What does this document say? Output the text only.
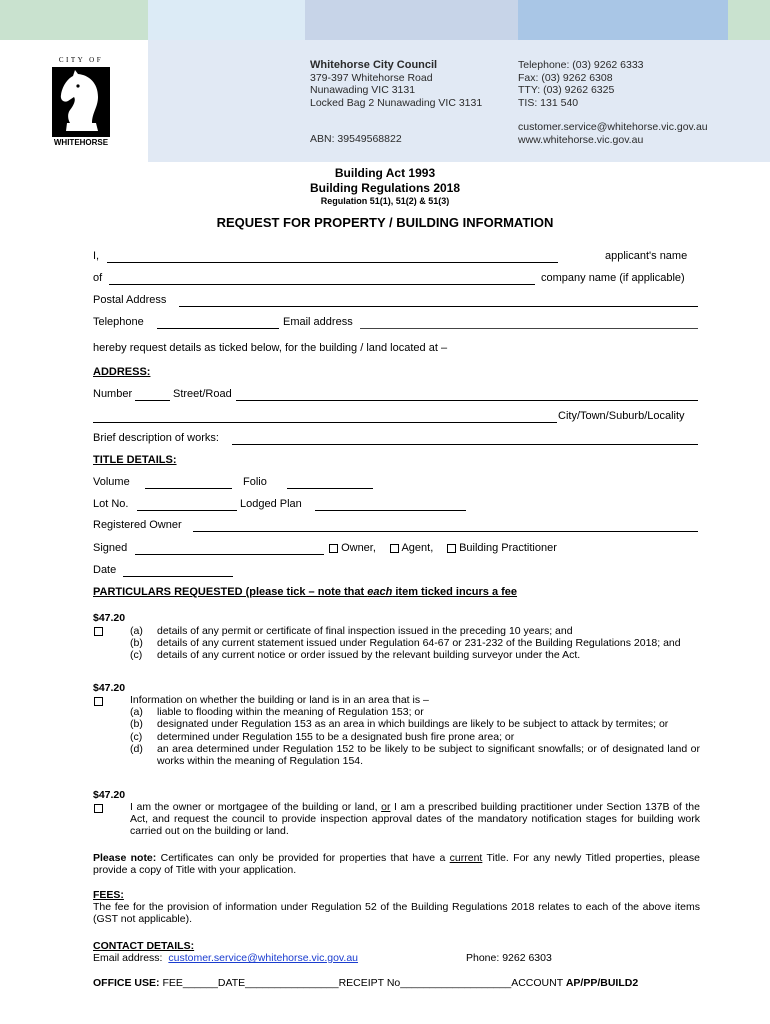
CITY OF
WHITEHORSE
Whitehorse City Council
379-397 Whitehorse Road
Nunawading VIC 3131
Locked Bag 2 Nunawading VIC 3131
ABN: 39549568822
Telephone: (03) 9262 6333
Fax: (03) 9262 6308
TTY: (03) 9262 6325
TIS: 131 540
customer.service@whitehorse.vic.gov.au
www.whitehorse.vic.gov.au
Building Act 1993
Building Regulations 2018
Regulation 51(1), 51(2) & 51(3)
REQUEST FOR PROPERTY / BUILDING INFORMATION
I,	applicant's name
of	company name (if applicable)
Postal Address
Telephone	Email address
hereby request details as ticked below, for the building / land located at –
ADDRESS:
Number	Street/Road
City/Town/Suburb/Locality
Brief description of works:
TITLE DETAILS:
Volume	Folio
Lot No.	Lodged Plan
Registered Owner
Signed	Owner,	Agent,	Building Practitioner
Date
PARTICULARS REQUESTED (please tick – note that each item ticked incurs a fee
$47.20
(a)	details of any permit or certificate of final inspection issued in the preceding 10 years; and
(b)	details of any current statement issued under Regulation 64-67 or 231-232 of the Building Regulations 2018; and
(c)	details of any current notice or order issued by the relevant building surveyor under the Act.
$47.20
Information on whether the building or land is in an area that is –
(a)	liable to flooding within the meaning of Regulation 153; or
(b)	designated under Regulation 153 as an area in which buildings are likely to be subject to attack by termites; or
(c)	determined under Regulation 155 to be a designated bush fire prone area; or
(d)	an area determined under Regulation 152 to be likely to be subject to significant snowfalls; or of designated land or works within the meaning of Regulation 154.
$47.20
I am the owner or mortgagee of the building or land, or I am a prescribed building practitioner under Section 137B of the Act, and request the council to provide inspection approval dates of the mandatory notification stages for building work carried out on the building or land.
Please note: Certificates can only be provided for properties that have a current Title. For any newly Titled properties, please provide a copy of Title with your application.
FEES:
The fee for the provision of information under Regulation 52 of the Building Regulations 2018 relates to each of the above items (GST not applicable).
CONTACT DETAILS:
Email address: customer.service@whitehorse.vic.gov.au	Phone: 9262 6303
OFFICE USE: FEE______DATE________________RECEIPT No___________________ACCOUNT AP/PP/BUILD2
